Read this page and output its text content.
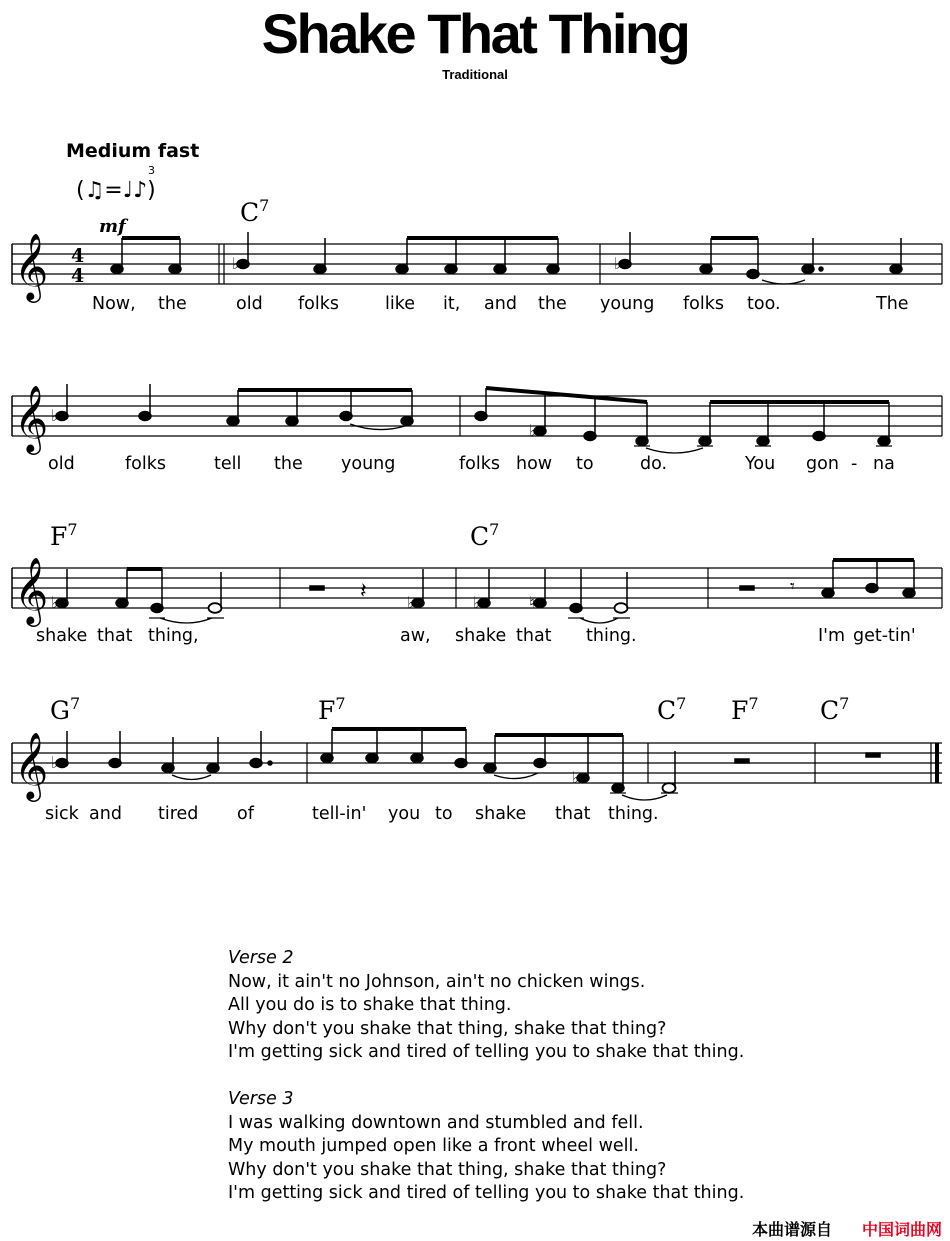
Shake That Thing
Traditional
Medium fast
(♫=♩♪)
3
mf	$C^7$
$F^7$	$C^7$
$G^7$	$F^7$	$C^7$ $F^7$ $C^7$
𝄞 4
4
♭	♭
Now, the	old folks	like it, and the young folks too.	The
𝄞 ♭
♭
old	folks	tell the young	folks how to	do.	You gon - na
𝄞 ♭	♭	♭	♮
𝄽	𝄾
shake that thing,	aw, shake that thing.	I'm get-tin'
𝄞 ♭
♭
sick and tired of	tell-in' you to shake that thing.
Verse 2
Now, it ain't no Johnson, ain't no chicken wings.
All you do is to shake that thing.
Why don't you shake that thing, shake that thing?
I'm getting sick and tired of telling you to shake that thing.
Verse 3
I was walking downtown and stumbled and fell.
My mouth jumped open like a front wheel well.
Why don't you shake that thing, shake that thing?
I'm getting sick and tired of telling you to shake that thing.
本曲谱源自 中国词曲网
